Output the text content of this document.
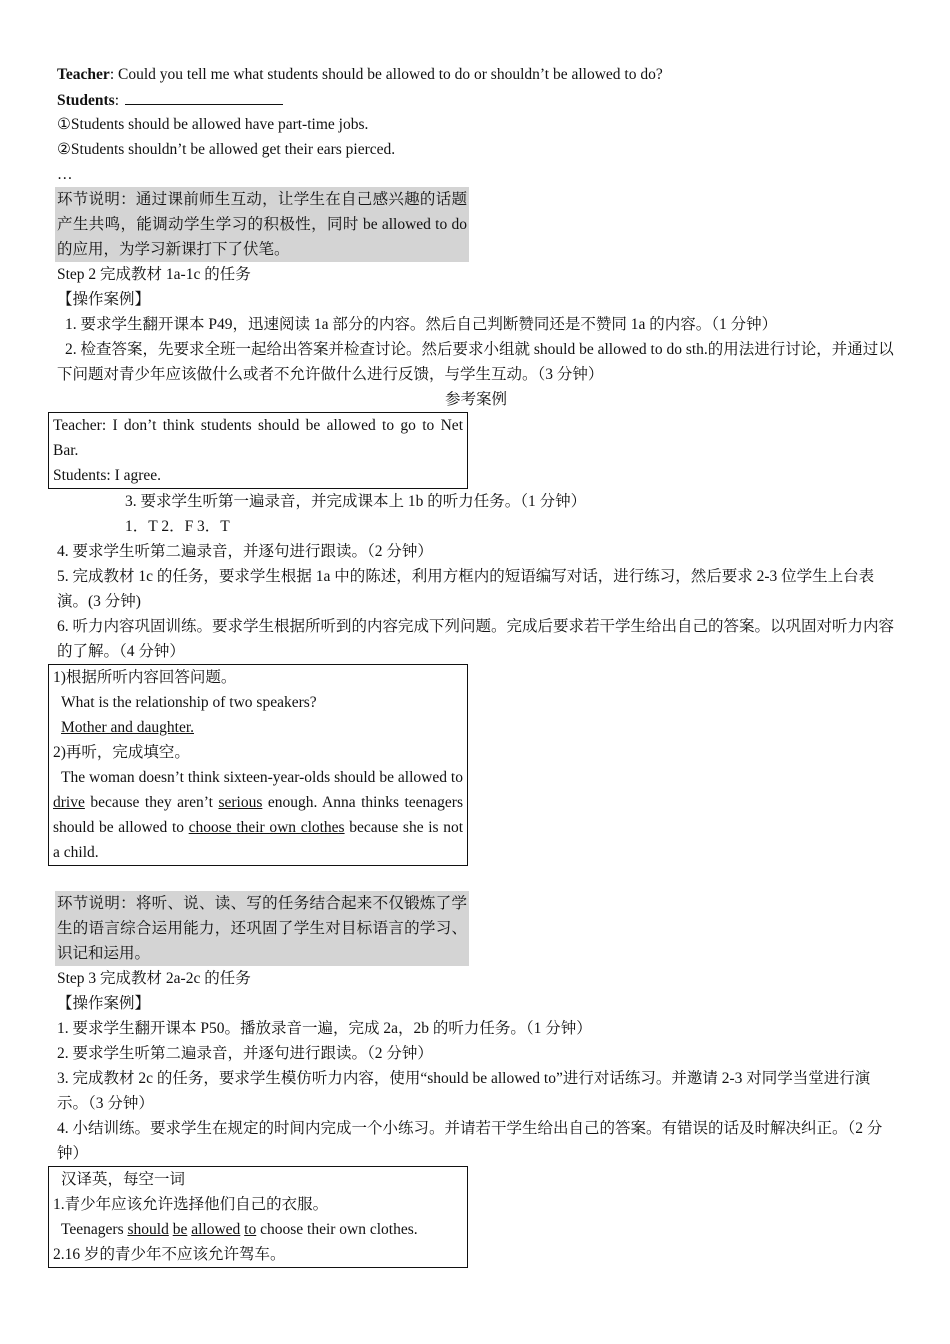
Teacher: Could you tell me what students should be allowed to do or shouldn’t be allowed to do?
Students:
①Students should be allowed have part-time jobs.
②Students shouldn’t be allowed get their ears pierced.
…
环节说明：通过课前师生互动，让学生在自己感兴趣的话题产生共鸣，能调动学生学习的积极性，同时 be allowed to do 的应用，为学习新课打下了伏笔。
Step 2 完成教材 1a-1c 的任务
【操作案例】
1. 要求学生翻开课本 P49，迅速阅读 1a 部分的内容。然后自己判断赞同还是不赞同 1a 的内容。（1 分钟）
2. 检查答案，先要求全班一起给出答案并检查讨论。然后要求小组就 should be allowed to do sth.的用法进行讨论，并通过以下问题对青少年应该做什么或者不允许做什么进行反馈，与学生互动。（3 分钟）
参考案例
Teacher: I don’t think students should be allowed to go to Net Bar.
Students: I agree.
3. 要求学生听第一遍录音，并完成课本上 1b 的听力任务。（1 分钟）
1．T 2．F 3．T
4. 要求学生听第二遍录音，并逐句进行跟读。（2 分钟）
5. 完成教材 1c 的任务，要求学生根据 1a 中的陈述，利用方框内的短语编写对话，进行练习，然后要求 2-3 位学生上台表演。(3 分钟)
6. 听力内容巩固训练。要求学生根据所听到的内容完成下列问题。完成后要求若干学生给出自己的答案。以巩固对听力内容的了解。（4 分钟）
1)根据所听内容回答问题。
What is the relationship of two speakers?
Mother and daughter.
2)再听，完成填空。
The woman doesn’t think sixteen-year-olds should be allowed to drive because they aren’t serious enough. Anna thinks teenagers should be allowed to choose their own clothes because she is not a child.
环节说明：将听、说、读、写的任务结合起来不仅锻炼了学生的语言综合运用能力，还巩固了学生对目标语言的学习、识记和运用。
Step 3 完成教材 2a-2c 的任务
【操作案例】
1. 要求学生翻开课本 P50。播放录音一遍，完成 2a，2b 的听力任务。（1 分钟）
2. 要求学生听第二遍录音，并逐句进行跟读。（2 分钟）
3. 完成教材 2c 的任务，要求学生模仿听力内容，使用“should be allowed to”进行对话练习。并邀请 2-3 对同学当堂进行演示。（3 分钟）
4. 小结训练。要求学生在规定的时间内完成一个小练习。并请若干学生给出自己的答案。有错误的话及时解决纠正。（2 分钟）
汉译英，每空一词
1.青少年应该允许选择他们自己的衣服。
Teenagers should be allowed to choose their own clothes.
2.16 岁的青少年不应该允许驾车。
